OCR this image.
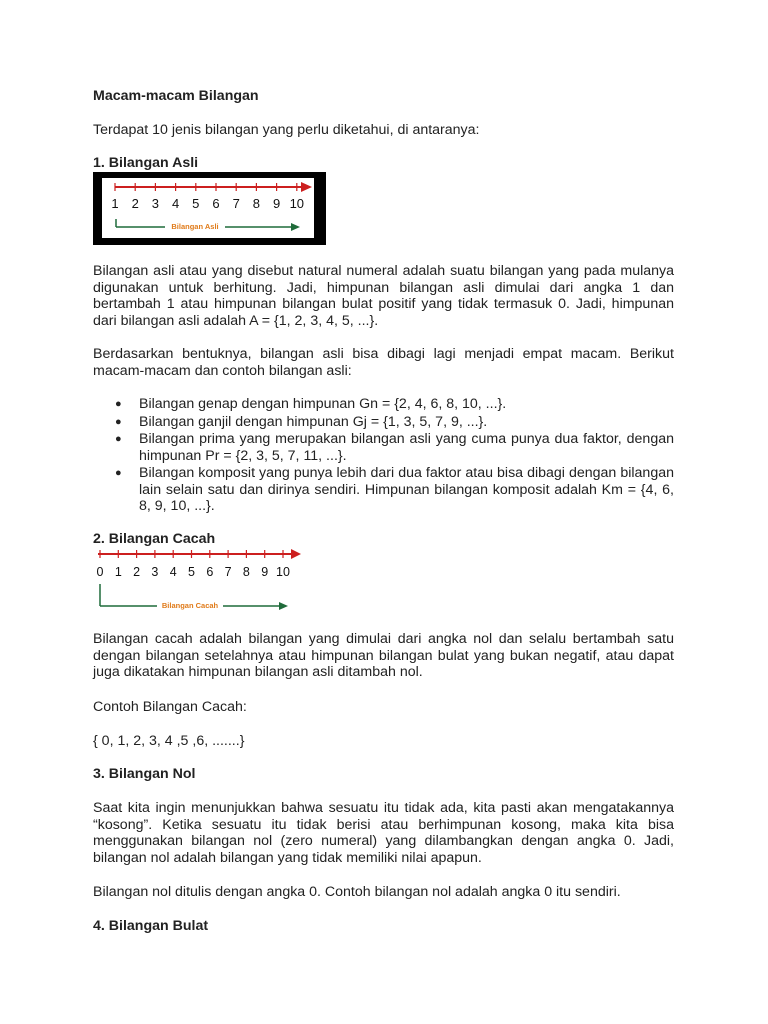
Macam-macam Bilangan

Terdapat 10 jenis bilangan yang perlu diketahui, di antaranya:

1. Bilangan Asli

1 2 3 4 5 6 7 8 9 10
Bilangan Asli

Bilangan asli atau yang disebut natural numeral adalah suatu bilangan yang pada mulanya digunakan untuk berhitung. Jadi, himpunan bilangan asli dimulai dari angka 1 dan bertambah 1 atau himpunan bilangan bulat positif yang tidak termasuk 0. Jadi, himpunan dari bilangan asli adalah A = {1, 2, 3, 4, 5, ...}.

Berdasarkan bentuknya, bilangan asli bisa dibagi lagi menjadi empat macam. Berikut macam-macam dan contoh bilangan asli:

● Bilangan genap dengan himpunan Gn = {2, 4, 6, 8, 10, ...}.
● Bilangan ganjil dengan himpunan Gj = {1, 3, 5, 7, 9, ...}.
● Bilangan prima yang merupakan bilangan asli yang cuma punya dua faktor, dengan himpunan Pr = {2, 3, 5, 7, 11, ...}.
● Bilangan komposit yang punya lebih dari dua faktor atau bisa dibagi dengan bilangan lain selain satu dan dirinya sendiri. Himpunan bilangan komposit adalah Km = {4, 6, 8, 9, 10, ...}.

2. Bilangan Cacah

0 1 2 3 4 5 6 7 8 9 10
Bilangan Cacah

Bilangan cacah adalah bilangan yang dimulai dari angka nol dan selalu bertambah satu dengan bilangan setelahnya atau himpunan bilangan bulat yang bukan negatif, atau dapat juga dikatakan himpunan bilangan asli ditambah nol.

Contoh Bilangan Cacah:

{ 0, 1, 2, 3, 4 ,5 ,6, .......}

3. Bilangan Nol

Saat kita ingin menunjukkan bahwa sesuatu itu tidak ada, kita pasti akan mengatakannya “kosong”. Ketika sesuatu itu tidak berisi atau berhimpunan kosong, maka kita bisa menggunakan bilangan nol (zero numeral) yang dilambangkan dengan angka 0. Jadi, bilangan nol adalah bilangan yang tidak memiliki nilai apapun.

Bilangan nol ditulis dengan angka 0. Contoh bilangan nol adalah angka 0 itu sendiri.

4. Bilangan Bulat
